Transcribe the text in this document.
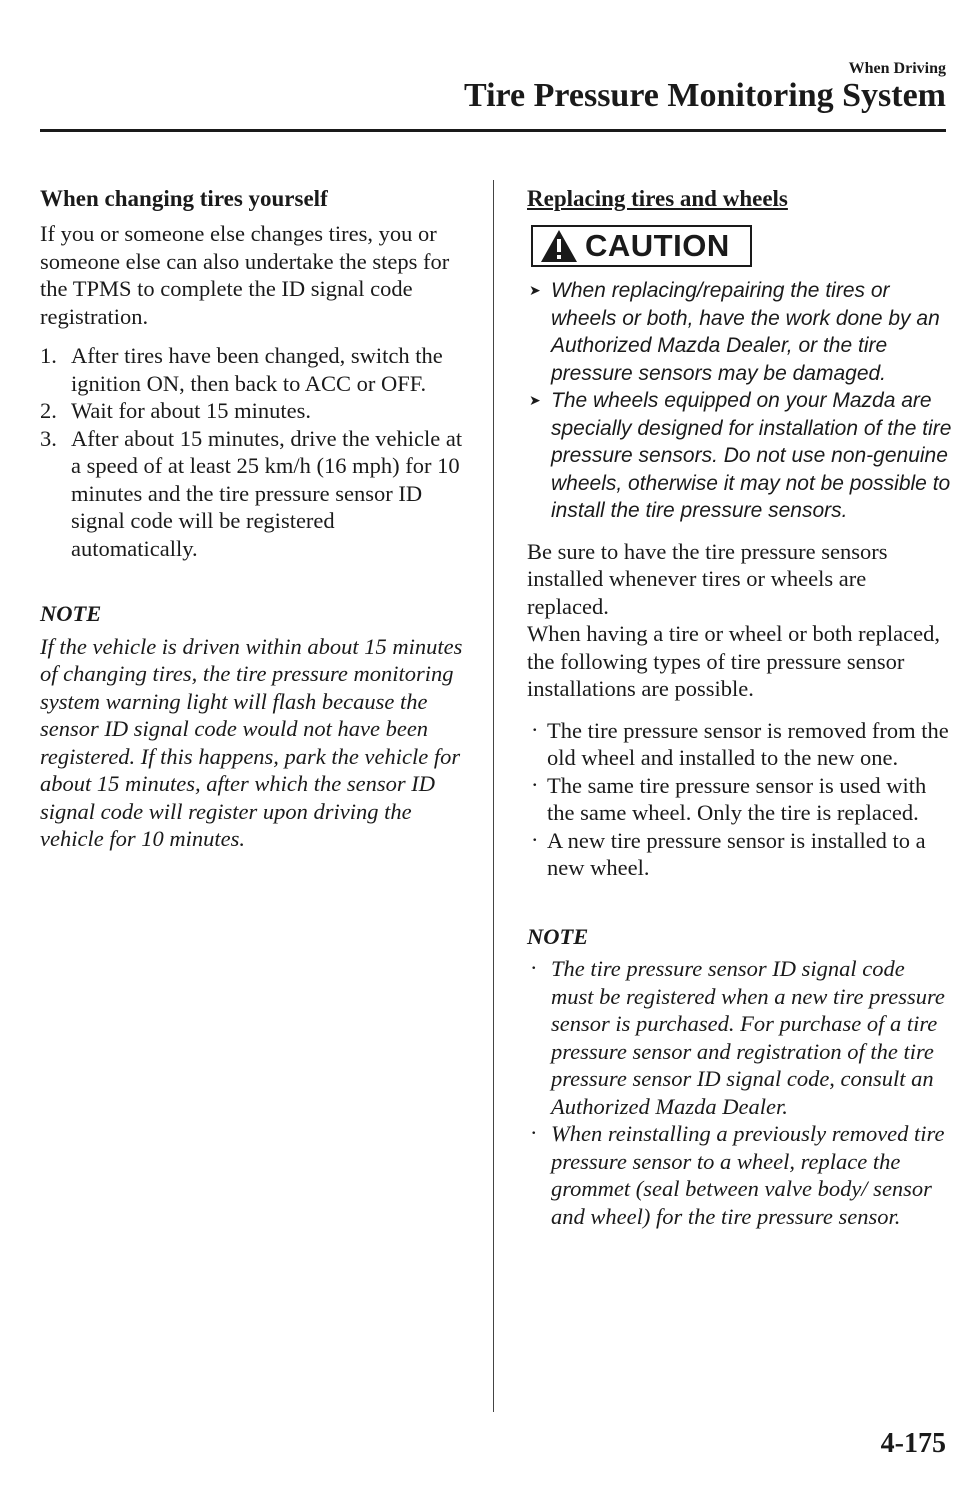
When Driving
Tire Pressure Monitoring System
When changing tires yourself

If you or someone else changes tires, you or someone else can also undertake the steps for the TPMS to complete the ID signal code registration.

1. After tires have been changed, switch the ignition ON, then back to ACC or OFF.
2. Wait for about 15 minutes.
3. After about 15 minutes, drive the vehicle at a speed of at least 25 km/h (16 mph) for 10 minutes and the tire pressure sensor ID signal code will be registered automatically.
NOTE

If the vehicle is driven within about 15 minutes of changing tires, the tire pressure monitoring system warning light will flash because the sensor ID signal code would not have been registered. If this happens, park the vehicle for about 15 minutes, after which the sensor ID signal code will register upon driving the vehicle for 10 minutes.

Replacing tires and wheels
CAUTION
➤ When replacing/repairing the tires or wheels or both, have the work done by an Authorized Mazda Dealer, or the tire pressure sensors may be damaged.
➤ The wheels equipped on your Mazda are specially designed for installation of the tire pressure sensors. Do not use non-genuine wheels, otherwise it may not be possible to install the tire pressure sensors.

Be sure to have the tire pressure sensors installed whenever tires or wheels are replaced.

When having a tire or wheel or both replaced, the following types of tire pressure sensor installations are possible.

· The tire pressure sensor is removed from the old wheel and installed to the new one.
· The same tire pressure sensor is used with the same wheel. Only the tire is replaced.
· A new tire pressure sensor is installed to a new wheel.
NOTE
· The tire pressure sensor ID signal code must be registered when a new tire pressure sensor is purchased. For purchase of a tire pressure sensor and registration of the tire pressure sensor ID signal code, consult an Authorized Mazda Dealer.
· When reinstalling a previously removed tire pressure sensor to a wheel, replace the grommet (seal between valve body/ sensor and wheel) for the tire pressure sensor.
4-175
